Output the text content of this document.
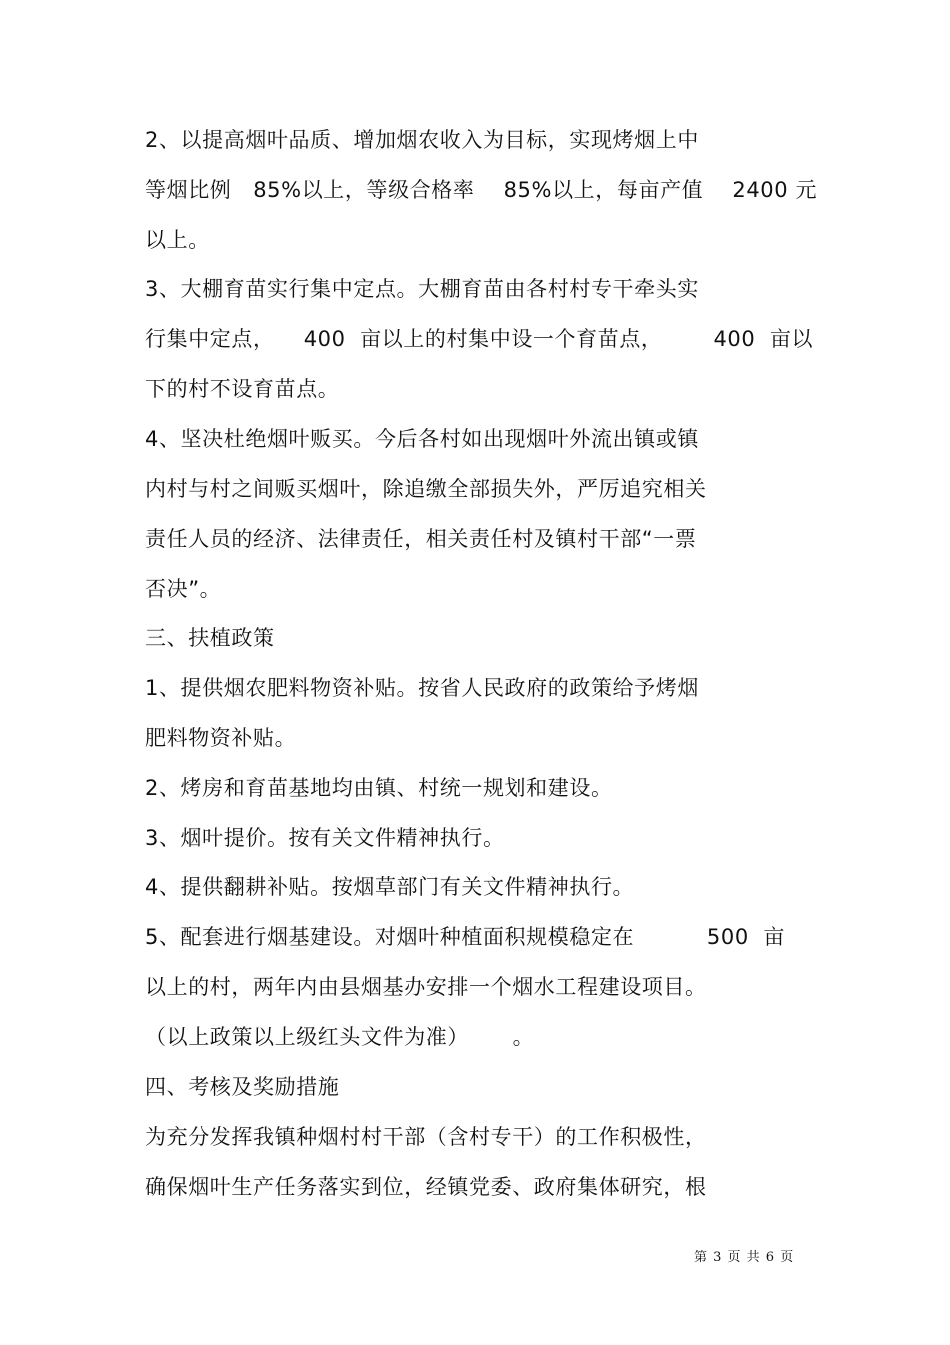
2、以提高烟叶品质、增加烟农收入为目标，实现烤烟上中
等烟比例   85%以上，等级合格率    85%以上，每亩产值    2400 元
以上。
3、大棚育苗实行集中定点。大棚育苗由各村村专干牵头实
行集中定点，    400  亩以上的村集中设一个育苗点，       400  亩以
下的村不设育苗点。
4、坚决杜绝烟叶贩买。今后各村如出现烟叶外流出镇或镇
内村与村之间贩买烟叶，除追缴全部损失外，严厉追究相关
责任人员的经济、法律责任，相关责任村及镇村干部“一票
否决”。
三、扶植政策
1、提供烟农肥料物资补贴。按省人民政府的政策给予烤烟
肥料物资补贴。
2、烤房和育苗基地均由镇、村统一规划和建设。
3、烟叶提价。按有关文件精神执行。
4、提供翻耕补贴。按烟草部门有关文件精神执行。
5、配套进行烟基建设。对烟叶种植面积规模稳定在          500  亩
以上的村，两年内由县烟基办安排一个烟水工程建设项目。
（以上政策以上级红头文件为准）      。
四、考核及奖励措施
为充分发挥我镇种烟村村干部（含村专干）的工作积极性，
确保烟叶生产任务落实到位，经镇党委、政府集体研究，根
第 3 页 共 6 页
